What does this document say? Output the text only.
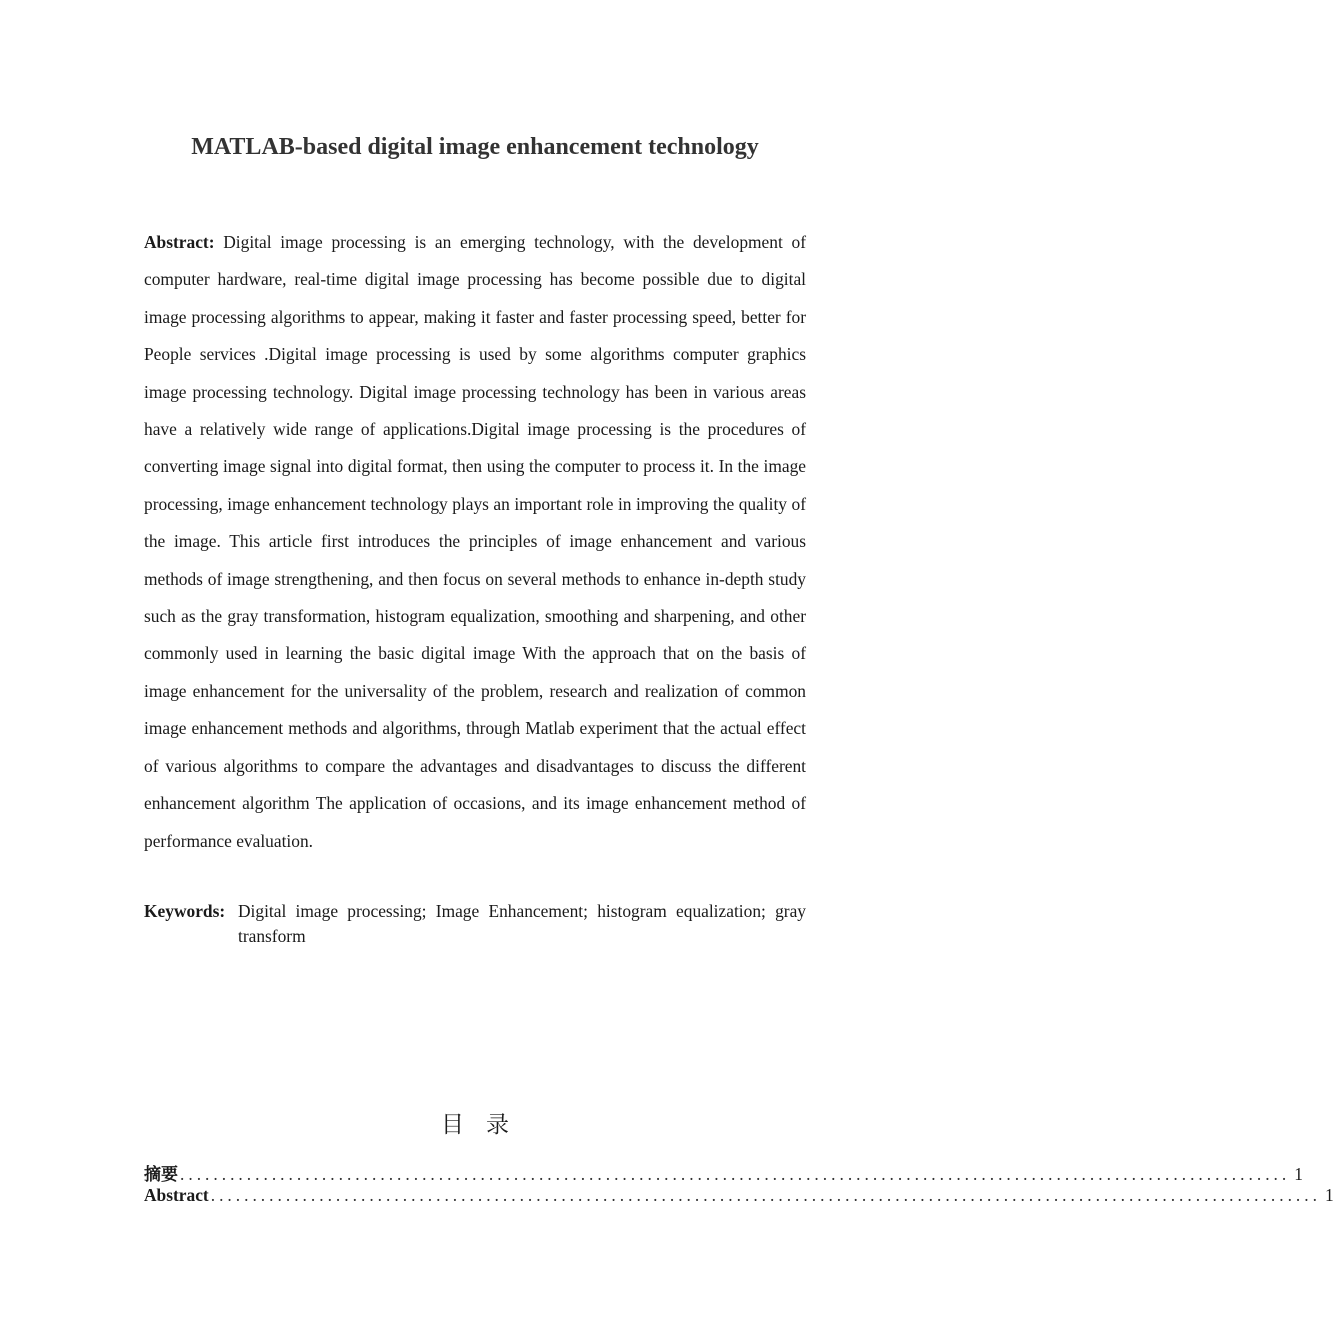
MATLAB-based digital image enhancement technology

Abstract: Digital image processing is an emerging technology, with the development of computer hardware, real-time digital image processing has become possible due to digital image processing algorithms to appear, making it faster and faster processing speed, better for People services .Digital image processing is used by some algorithms computer graphics image processing technology. Digital image processing technology has been in various areas have a relatively wide range of applications.Digital image processing is the procedures of converting image signal into digital format, then using the computer to process it. In the image processing, image enhancement technology plays an important role in improving the quality of the image. This article first introduces the principles of image enhancement and various methods of image strengthening, and then focus on several methods to enhance in-depth study such as the gray transformation, histogram equalization, smoothing and sharpening, and other commonly used in learning the basic digital image With the approach that on the basis of image enhancement for the universality of the problem, research and realization of common image enhancement methods and algorithms, through Matlab experiment that the actual effect of various algorithms to compare the advantages and disadvantages to discuss the different enhancement algorithm The application of occasions, and its image enhancement method of performance evaluation.

Keywords: Digital image processing; Image Enhancement; histogram equalization; gray transform
目录
摘要 ..................................................................................................................................... 1
Abstract ..................................................................................................................................... 1
